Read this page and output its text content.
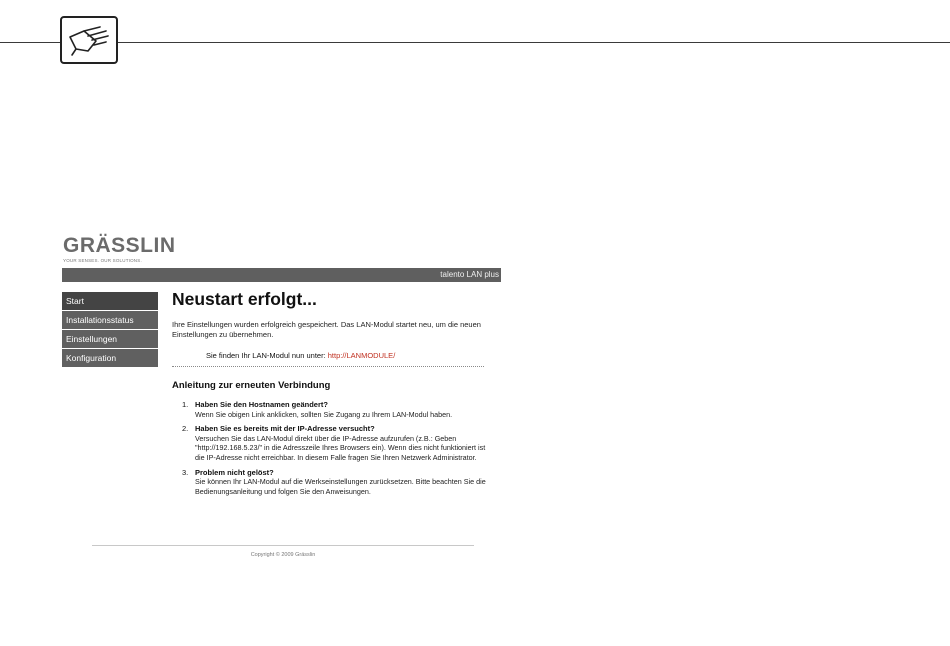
GRÄSSLIN
YOUR SENSES. OUR SOLUTIONS.
talento LAN plus
Start
Installationsstatus
Einstellungen
Konfiguration
Neustart erfolgt...
Ihre Einstellungen wurden erfolgreich gespeichert. Das LAN-Modul startet neu, um die neuen Einstellungen zu übernehmen.
Sie finden Ihr LAN-Modul nun unter: http://LANMODULE/
Anleitung zur erneuten Verbindung
1. Haben Sie den Hostnamen geändert?
Wenn Sie obigen Link anklicken, sollten Sie Zugang zu Ihrem LAN-Modul haben.
2. Haben Sie es bereits mit der IP-Adresse versucht?
Versuchen Sie das LAN-Modul direkt über die IP-Adresse aufzurufen (z.B.: Geben "http://192.168.5.23/" in die Adresszeile Ihres Browsers ein). Wenn dies nicht funktioniert ist die IP-Adresse nicht erreichbar. In diesem Falle fragen Sie Ihren Netzwerk Administrator.
3. Problem nicht gelöst?
Sie können Ihr LAN-Modul auf die Werkseinstellungen zurücksetzen. Bitte beachten Sie die Bedienungsanleitung und folgen Sie den Anweisungen.
Copyright © 2009 Grässlin
